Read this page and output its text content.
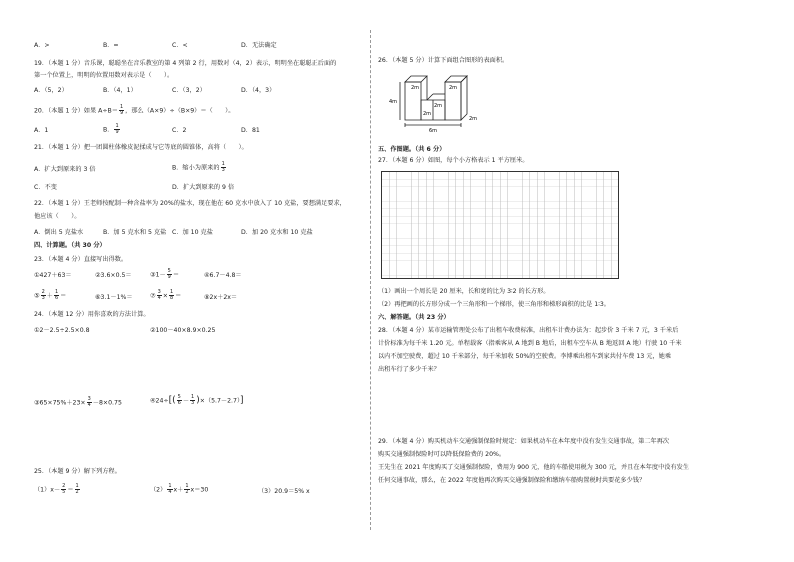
A．>	B．=	C．<	D．无法确定
19．（本题 1 分）音乐课，聪聪坐在音乐教室的第 4 列第 2 行，用数对（4，2）表示，明明坐在聪聪正后面的
第一个位置上，明明的位置用数对表示是（　　）。
A．（5，2）	B．（4，1）	C．（3，2）	D．（4，3）
20．（本题 1 分）如果 $A\div B= \frac{1}{9}$ ，那么（A×9）÷（B×9）＝（　　）。
A．1	B． $\frac{1}{9}$	C．2	D．81
21．（本题 1 分）把一团圆柱体橡皮泥揉成与它等底的圆锥体，高将（　　）。
A．扩大到原来的 3 倍	B．缩小为原来的 $\frac{1}{3}$
C．不变	D．扩大到原来的 9 倍
22．（本题 1 分）王老师按配制一种含盐率为 20%的盐水，现在他在 60 克水中放入了 10 克盐，要想满足要求，
他应该（　　）。
A．倒出 5 克盐水	B．加 5 克水和 5 克盐 C．加 10 克盐	D．加 20 克水和 10 克盐
四、计算题。（共 30 分）
23．（本题 4 分）直接写出得数。
①427＋63＝	②3.6×0.5＝	③1－ $\frac{5}{9}$ ＝	④6.7－4.8＝
⑤ $\frac{2}{3} + \frac{1}{6}$ ＝	⑥3.1－1%＝	⑦ $\frac{3}{4} \times \frac{1}{8}$ ＝	⑧2x＋2x＝
24．（本题 12 分）用你喜欢的方法计算。
①2－2.5÷2.5×0.8	②100－40×8.9×0.25
③65×75%＋23× $\frac{3}{4} -8\times 0.75$	④24÷[( $\frac{5}{6} - \frac{1}{3} )\times(5.7-2.7)$]
25．（本题 9 分）解下列方程。
$(1)x- \frac{2}{5} = \frac{1}{2}$	$(2) \frac{1}{4} x+ \frac{1}{2} x=30$	（3）20.9＝5% x
26．（本题 5 分）计算下面组合图形的表面积。
2m	2m
2m
2m
4m
6m
2m
五、作图题。（共 6 分）
27．（本题 6 分）如图，每个小方格表示 1 平方厘米。
（1）画出一个周长是 20 厘米，长和宽的比为 3∶2 的长方形。
（2）再把画的长方形分成一个三角形和一个梯形，使三角形和梯形面积的比是 1∶3。
六、解答题。（共 23 分）
28．（本题 4 分）某市运输管理处公布了出租车收费标准，出租车计费办法为：起步价 3 千米 7 元，3 千米后
计价标准为每千米 1.20 元。单程载客（指乘客从 A 地到 B 地后，出租车空车从 B 地返回 A 地）行驶 10 千米
以内不加空驶费，超过 10 千米部分，每千米加收 50%的空驶费。李博乘出租车到家共付车费 13 元，她乘
出租车行了多少千米？
29．（本题 4 分）购买机动车交通强制保险时规定：如果机动车在本年度中没有发生交通事故，第二年再次
购买交通强制保险时可以降低保险费的 20%。
王先生在 2021 年度购买了交通强制保险，费用为 900 元，他的车船使用税为 300 元，并且在本年度中没有发生
任何交通事故，那么，在 2022 年度他再次购买交通强制保险和缴纳车船购置税时共要花多少钱？
